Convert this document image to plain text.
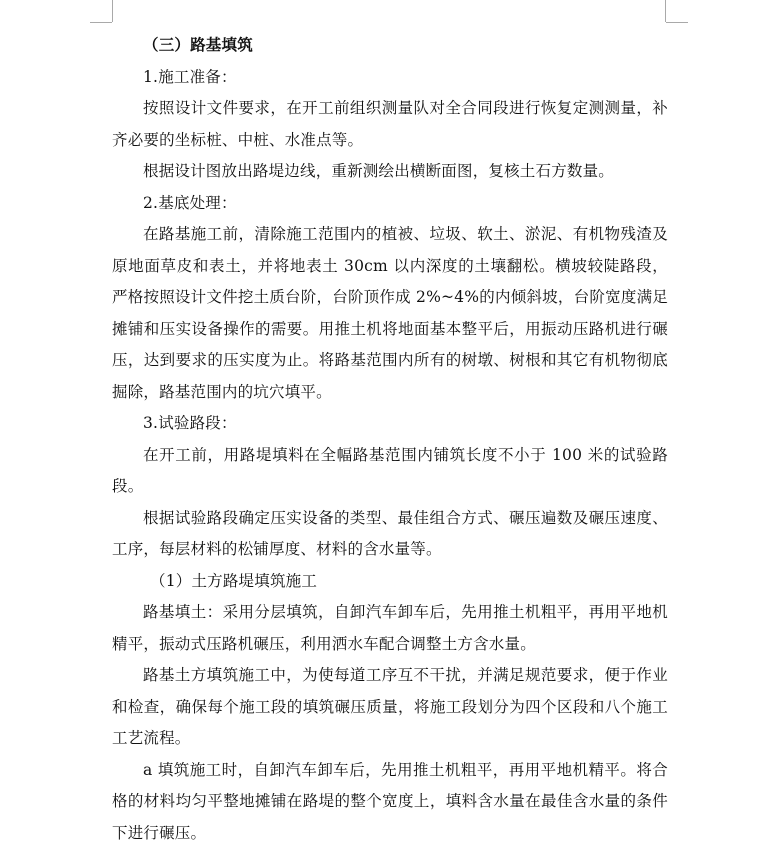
（三）路基填筑

1.施工准备：

按照设计文件要求，在开工前组织测量队对全合同段进行恢复定测测量，补齐必要的坐标桩、中桩、水准点等。

根据设计图放出路堤边线，重新测绘出横断面图，复核土石方数量。

2.基底处理：

在路基施工前，清除施工范围内的植被、垃圾、软土、淤泥、有机物残渣及原地面草皮和表土，并将地表土 30cm 以内深度的土壤翻松。横坡较陡路段，严格按照设计文件挖土质台阶，台阶顶作成 2%~4%的内倾斜坡，台阶宽度满足摊铺和压实设备操作的需要。用推土机将地面基本整平后，用振动压路机进行碾压，达到要求的压实度为止。将路基范围内所有的树墩、树根和其它有机物彻底掘除，路基范围内的坑穴填平。

3.试验路段：

在开工前，用路堤填料在全幅路基范围内铺筑长度不小于 100 米的试验路段。

根据试验路段确定压实设备的类型、最佳组合方式、碾压遍数及碾压速度、工序，每层材料的松铺厚度、材料的含水量等。

（1）土方路堤填筑施工

路基填土：采用分层填筑，自卸汽车卸车后，先用推土机粗平，再用平地机精平，振动式压路机碾压，利用洒水车配合调整土方含水量。

路基土方填筑施工中，为使每道工序互不干扰，并满足规范要求，便于作业和检查，确保每个施工段的填筑碾压质量，将施工段划分为四个区段和八个施工工艺流程。

a 填筑施工时，自卸汽车卸车后，先用推土机粗平，再用平地机精平。将合格的材料均匀平整地摊铺在路堤的整个宽度上，填料含水量在最佳含水量的条件下进行碾压。
